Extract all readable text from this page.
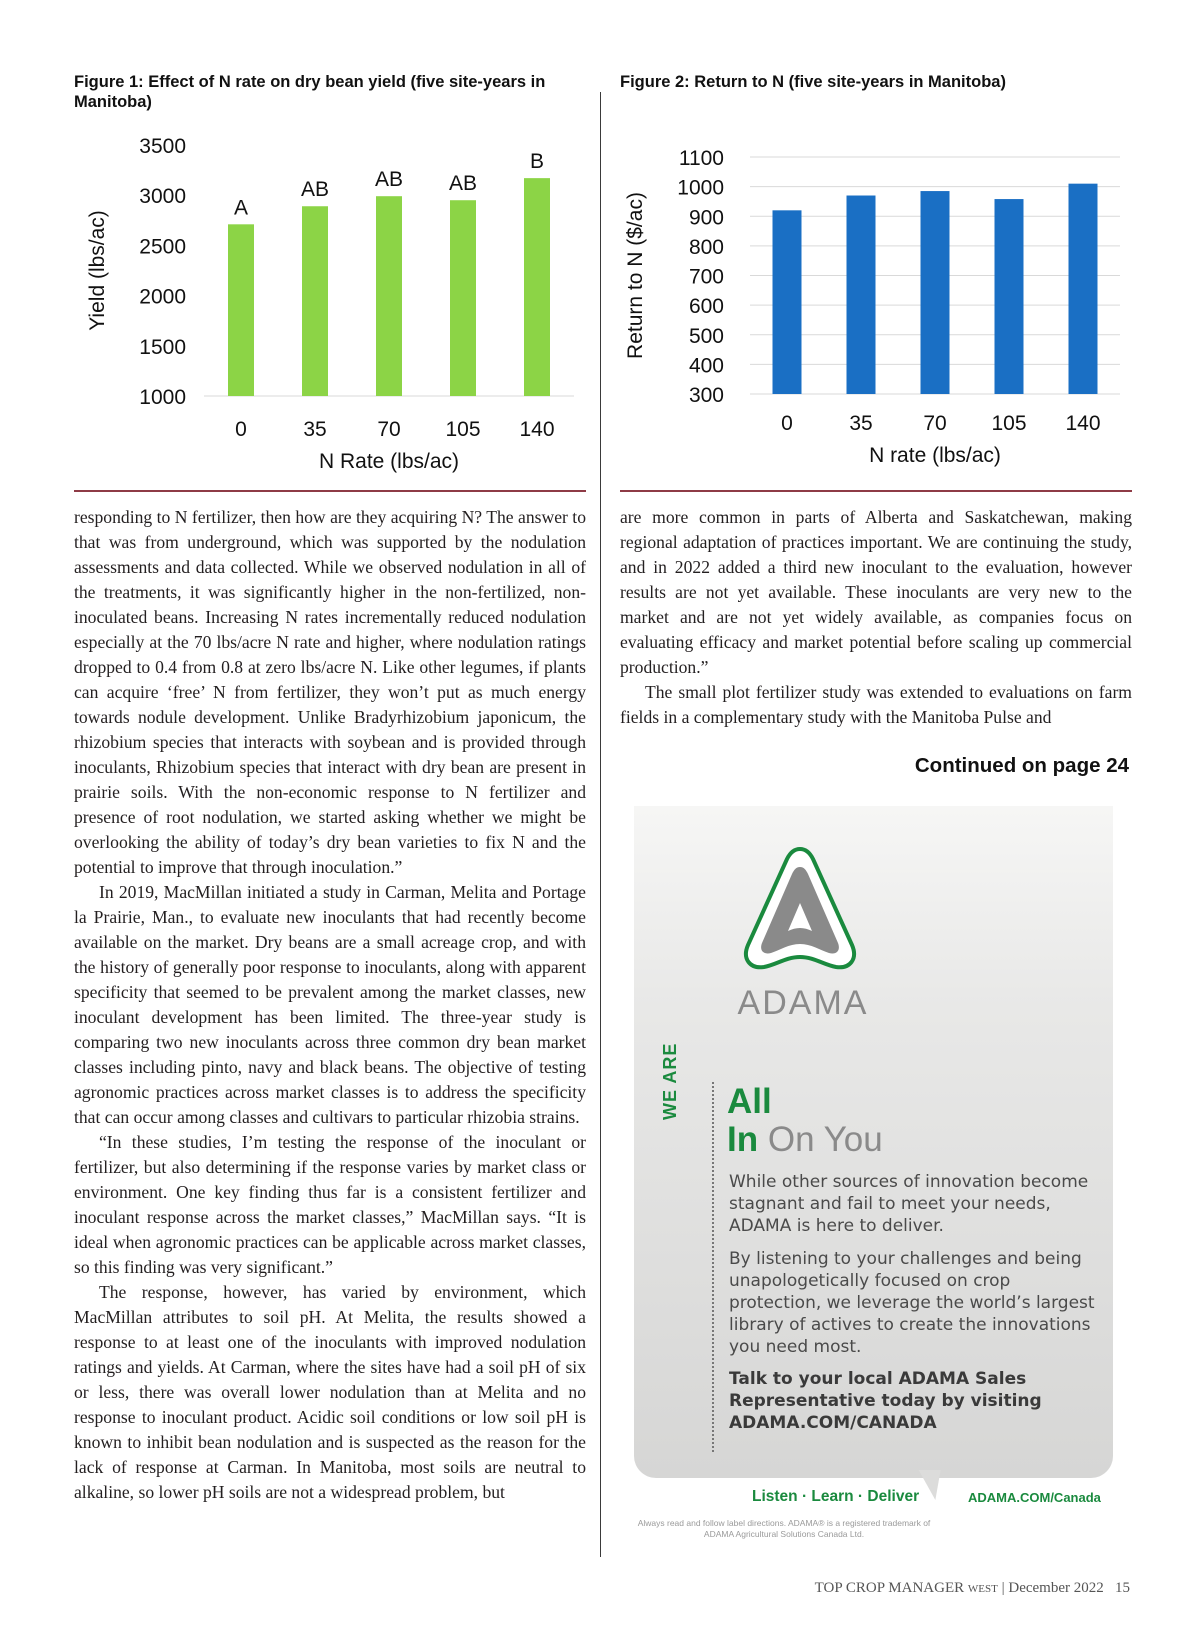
Figure 1: Effect of N rate on dry bean yield (five site-years in Manitoba)
Figure 2: Return to N (five site-years in Manitoba)
1000
1500
2000
2500
3000
3500
0
A
35
AB
70
AB
105
AB
140
B
N Rate (lbs/ac)
Yield (lbs/ac)
300
400
500
600
700
800
900
1000
1100
0	35 70 105 140
N rate (lbs/ac)
Return to N ($/ac)

responding to N fertilizer, then how are they acquiring N? The answer to that was from underground, which was supported by the nodulation assessments and data collected. While we observed nodulation in all of the treatments, it was significantly higher in the non-fertilized, non-inoculated beans. Increasing N rates incrementally reduced nodulation especially at the 70 lbs/acre N rate and higher, where nodulation ratings dropped to 0.4 from 0.8 at zero lbs/acre N. Like other legumes, if plants can acquire ‘free’ N from fertilizer, they won’t put as much energy towards nodule development. Unlike Bradyrhizobium japonicum, the rhizobium species that interacts with soybean and is provided through inoculants, Rhizobium species that interact with dry bean are present in prairie soils. With the non-economic response to N fertilizer and presence of root nodulation, we started asking whether we might be overlooking the ability of today’s dry bean varieties to fix N and the potential to improve that through inoculation.”

In 2019, MacMillan initiated a study in Carman, Melita and Portage la Prairie, Man., to evaluate new inoculants that had recently become available on the market. Dry beans are a small acreage crop, and with the history of generally poor response to inoculants, along with apparent specificity that seemed to be prevalent among the market classes, new inoculant development has been limited. The three-year study is comparing two new inoculants across three common dry bean market classes including pinto, navy and black beans. The objective of testing agronomic practices across market classes is to address the specificity that can occur among classes and cultivars to particular rhizobia strains.

“In these studies, I’m testing the response of the inoculant or fertilizer, but also determining if the response varies by market class or environment. One key finding thus far is a consistent fertilizer and inoculant response across the market classes,” MacMillan says. “It is ideal when agronomic practices can be applicable across market classes, so this finding was very significant.”

The response, however, has varied by environment, which MacMillan attributes to soil pH. At Melita, the results showed a response to at least one of the inoculants with improved nodulation ratings and yields. At Carman, where the sites have had a soil pH of six or less, there was overall lower nodulation than at Melita and no response to inoculant product. Acidic soil conditions or low soil pH is known to inhibit bean nodulation and is suspected as the reason for the lack of response at Carman. In Manitoba, most soils are neutral to alkaline, so lower pH soils are not a widespread problem, but

are more common in parts of Alberta and Saskatchewan, making regional adaptation of practices important. We are continuing the study, and in 2022 added a third new inoculant to the evaluation, however results are not yet available. These inoculants are very new to the market and are not yet widely available, as companies focus on evaluating efficacy and market potential before scaling up commercial production.”

The small plot fertilizer study was extended to evaluations on farm fields in a complementary study with the Manitoba Pulse and

Continued on page 24
ADAMA
WE ARE All
In On You
While other sources of innovation become stagnant and fail to meet your needs, ADAMA is here to deliver.
By listening to your challenges and being unapologetically focused on crop protection, we leverage the world’s largest library of actives to create the innovations you need most.
Talk to your local ADAMA Sales Representative today by visiting ADAMA.COM/CANADA
Listen · Learn · Deliver	ADAMA.COM/Canada
Always read and follow label directions. ADAMA® is a registered trademark of ADAMA Agricultural Solutions Canada Ltd.
TOP CROP MANAGER WEST | December 2022 15
